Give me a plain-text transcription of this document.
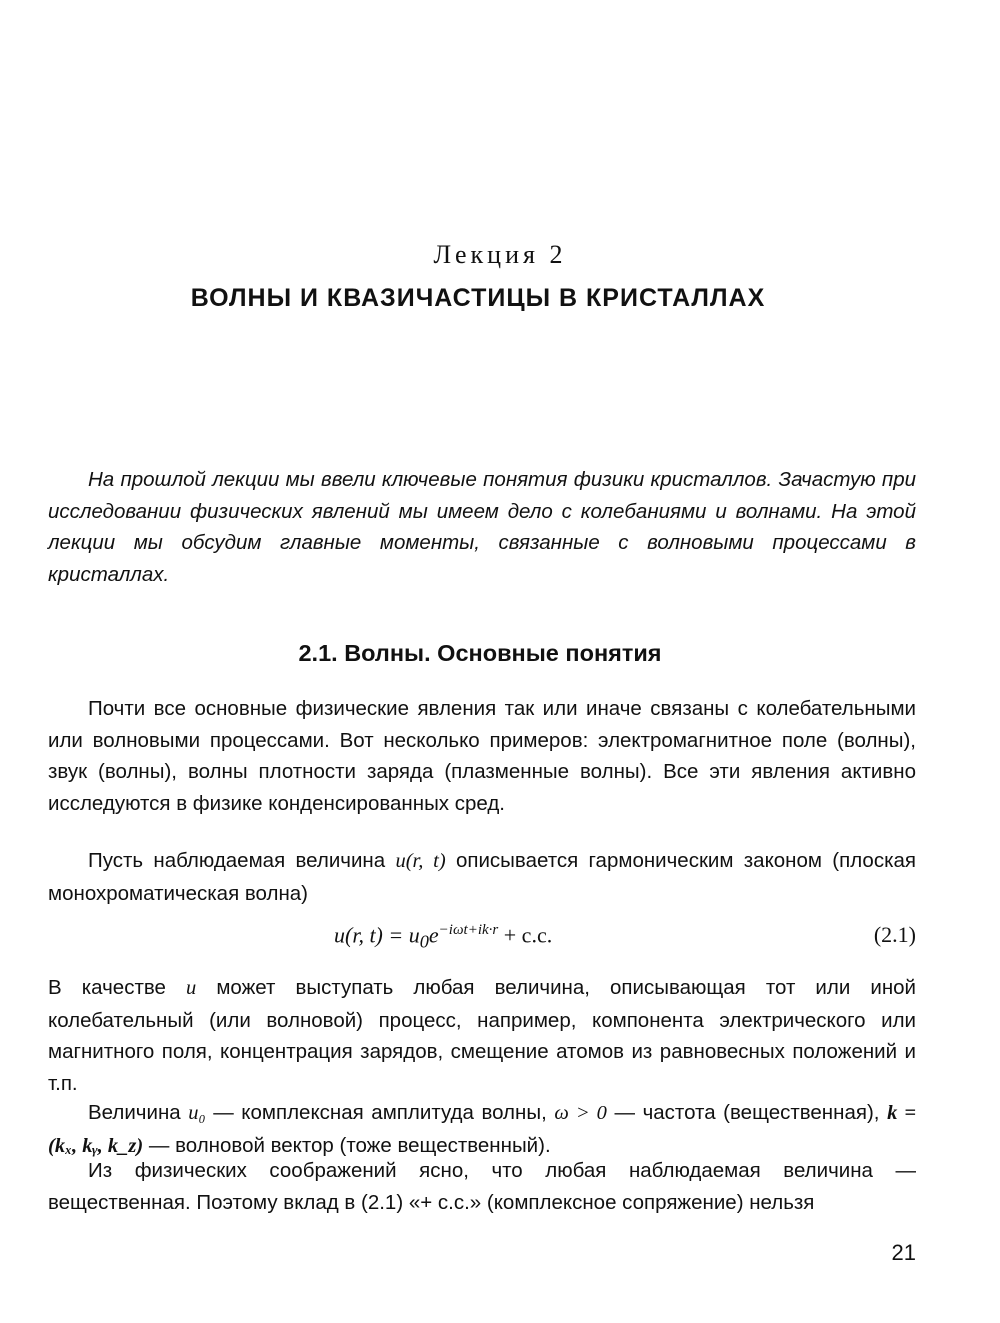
Лекция 2
ВОЛНЫ И КВАЗИЧАСТИЦЫ В КРИСТАЛЛАХ

На прошлой лекции мы ввели ключевые понятия физики кристаллов. Зачастую при исследовании физических явлений мы имеем дело с колебаниями и волнами. На этой лекции мы обсудим главные моменты, связанные с волновыми процессами в кристаллах.

2.1. Волны. Основные понятия

Почти все основные физические явления так или иначе связаны с колебательными или волновыми процессами. Вот несколько примеров: электромагнитное поле (волны), звук (волны), волны плотности заряда (плазменные волны). Все эти явления активно исследуются в физике конденсированных сред.

Пусть наблюдаемая величина u(r, t) описывается гармоническим законом (плоская монохроматическая волна)

u(r, $t) = u_0e^{-i\omega t+ik\cdot r} + c.c$.	(2.1)

В качестве u может выступать любая величина, описывающая тот или иной колебательный (или волновой) процесс, например, компонента электрического или магнитного поля, концентрация зарядов, смещение атомов из равновесных положений и т.п.

Величина u₀ — комплексная амплитуда волны, ω > 0 — частота (вещественная), k = (kₓ, kᵧ, k_z) — волновой вектор (тоже вещественный).

Из физических соображений ясно, что любая наблюдаемая величина — вещественная. Поэтому вклад в (2.1) «+ c.c.» (комплексное сопряжение) нельзя

21
